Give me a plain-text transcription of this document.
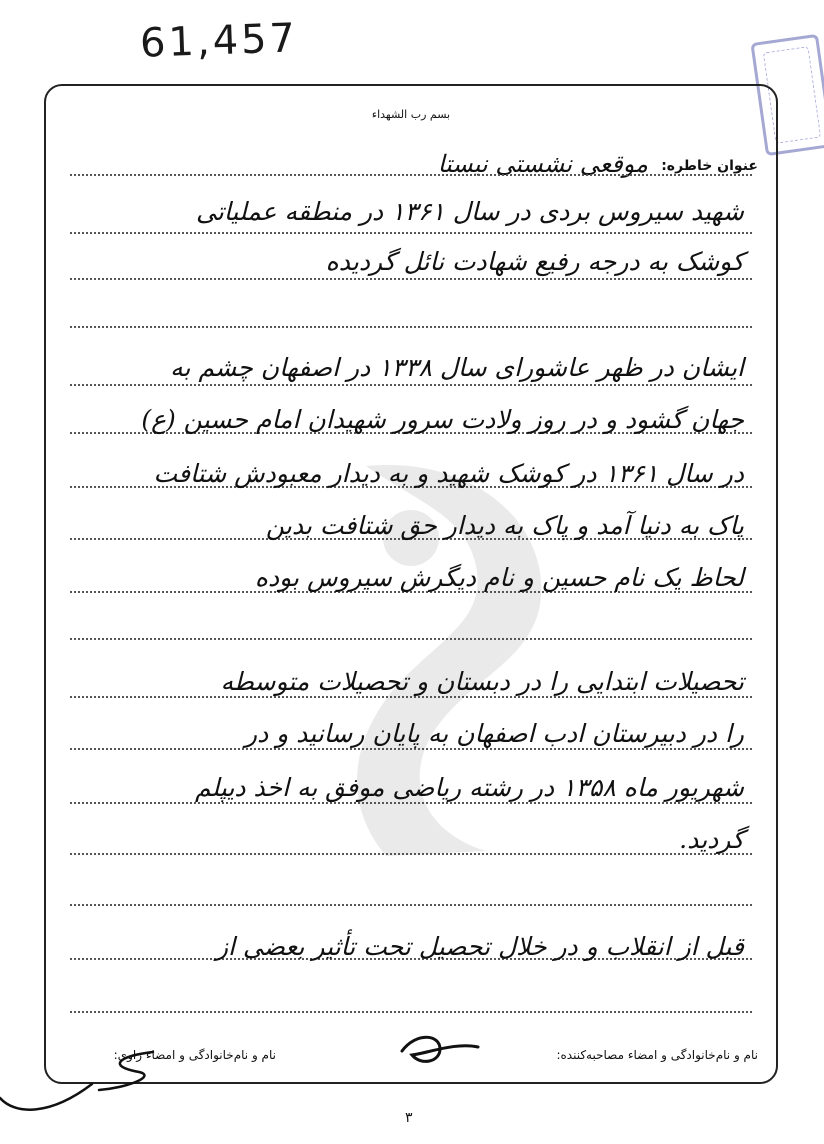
61,457
بسم رب الشهداء
عنوان خاطره:
موقعی نشستی نیستا
شهید سیروس بردی در سال ۱۳۶۱ در منطقه عملیاتی
کوشک به درجه رفیع شهادت نائل گردیده
ایشان در ظهر عاشورای سال ۱۳۳۸ در اصفهان چشم به
جهان گشود و در روز ولادت سرور شهیدان امام حسین (ع)
در سال ۱۳۶۱ در کوشک شهید و به دیدار معبودش شتافت
پاک به دنیا آمد و پاک به دیدار حق شتافت بدین
لحاظ یک نام حسین و نام دیگرش سیروس بوده
تحصیلات ابتدایی را در دبستان و تحصیلات متوسطه
را در دبیرستان ادب اصفهان به پایان رسانید و در
شهریور ماه ۱۳۵۸ در رشته ریاضی موفق به اخذ دیپلم
گردید.
قبل از انقلاب و در خلال تحصیل تحت تأثیر بعضی از
نام و نام‌خانوادگی و امضاء مصاحبه‌کننده:
نام و نام‌خانوادگی و امضاء راوی:
۳
